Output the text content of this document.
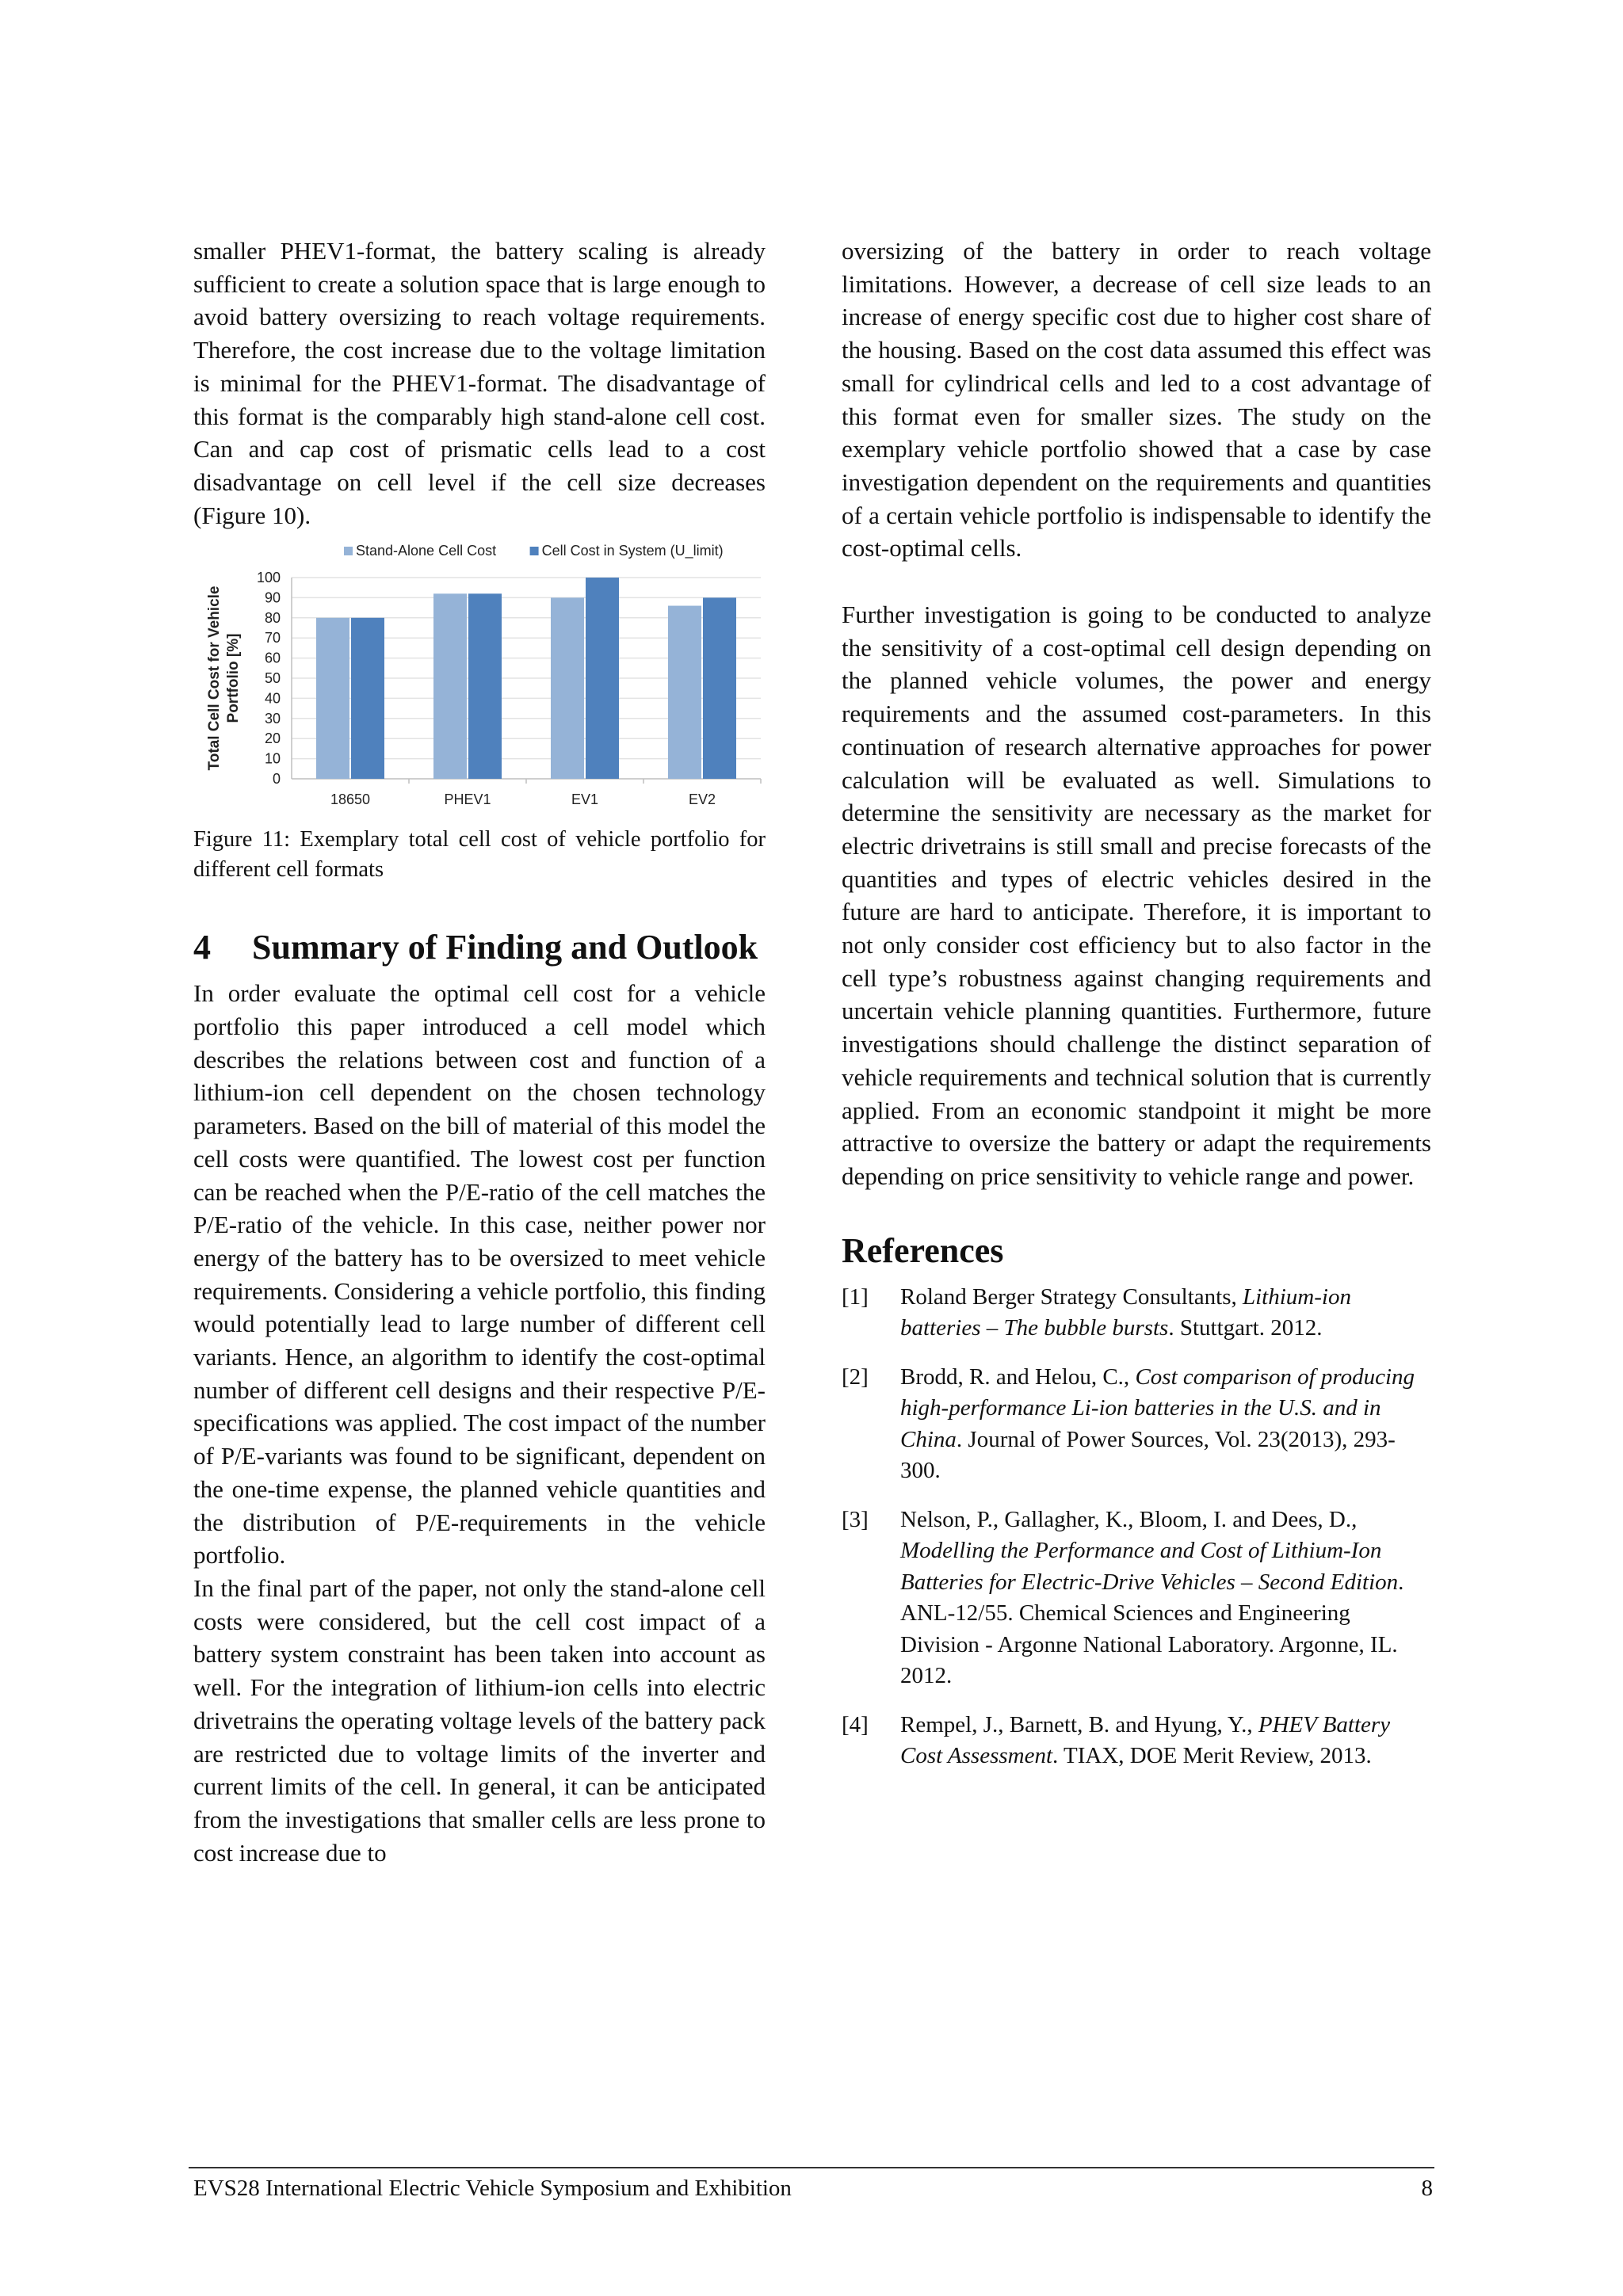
smaller PHEV1-format, the battery scaling is already sufficient to create a solution space that is large enough to avoid battery oversizing to reach voltage requirements. Therefore, the cost increase due to the voltage limitation is minimal for the PHEV1-format. The disadvantage of this format is the comparably high stand-alone cell cost. Can and cap cost of prismatic cells lead to a cost disadvantage on cell level if the cell size decreases (Figure 10).

0
10
20
30
40
50
60
70
80
90
100
18650	PHEV1	EV1	EV2
Stand-Alone Cell Cost	Cell Cost in System (U_limit)
Total Cell Cost for Vehicle Portfolio [%]

Figure 11: Exemplary total cell cost of vehicle portfolio for different cell formats

4	Summary of Finding and Outlook

In order evaluate the optimal cell cost for a vehicle portfolio this paper introduced a cell model which describes the relations between cost and function of a lithium-ion cell dependent on the chosen technology parameters. Based on the bill of material of this model the cell costs were quantified. The lowest cost per function can be reached when the P/E-ratio of the cell matches the P/E-ratio of the vehicle. In this case, neither power nor energy of the battery has to be oversized to meet vehicle requirements. Considering a vehicle portfolio, this finding would potentially lead to large number of different cell variants. Hence, an algorithm to identify the cost-optimal number of different cell designs and their respective P/E-specifications was applied. The cost impact of the number of P/E-variants was found to be significant, dependent on the one-time expense, the planned vehicle quantities and the distribution of P/E-requirements in the vehicle portfolio.

In the final part of the paper, not only the stand-alone cell costs were considered, but the cell cost impact of a battery system constraint has been taken into account as well. For the integration of lithium-ion cells into electric drivetrains the operating voltage levels of the battery pack are restricted due to voltage limits of the inverter and current limits of the cell. In general, it can be anticipated from the investigations that smaller cells are less prone to cost increase due to

oversizing of the battery in order to reach voltage limitations. However, a decrease of cell size leads to an increase of energy specific cost due to higher cost share of the housing. Based on the cost data assumed this effect was small for cylindrical cells and led to a cost advantage of this format even for smaller sizes. The study on the exemplary vehicle portfolio showed that a case by case investigation dependent on the requirements and quantities of a certain vehicle portfolio is indispensable to identify the cost-optimal cells.

Further investigation is going to be conducted to analyze the sensitivity of a cost-optimal cell design depending on the planned vehicle volumes, the power and energy requirements and the assumed cost-parameters. In this continuation of research alternative approaches for power calculation will be evaluated as well. Simulations to determine the sensitivity are necessary as the market for electric drivetrains is still small and precise forecasts of the quantities and types of electric vehicles desired in the future are hard to anticipate. Therefore, it is important to not only consider cost efficiency but to also factor in the cell type’s robustness against changing requirements and uncertain vehicle planning quantities. Furthermore, future investigations should challenge the distinct separation of vehicle requirements and technical solution that is currently applied. From an economic standpoint it might be more attractive to oversize the battery or adapt the requirements depending on price sensitivity to vehicle range and power.

References
[1]	Roland Berger Strategy Consultants, Lithium-ion batteries – The bubble bursts. Stuttgart. 2012.
[2]	Brodd, R. and Helou, C., Cost comparison of producing high-performance Li-ion batteries in the U.S. and in China. Journal of Power Sources, Vol. 23(2013), 293-300.
[3]	Nelson, P., Gallagher, K., Bloom, I. and Dees, D., Modelling the Performance and Cost of Lithium-Ion Batteries for Electric-Drive Vehicles – Second Edition. ANL-12/55. Chemical Sciences and Engineering Division - Argonne National Laboratory. Argonne, IL. 2012.
[4]	Rempel, J., Barnett, B. and Hyung, Y., PHEV Battery Cost Assessment. TIAX, DOE Merit Review, 2013.
EVS28 International Electric Vehicle Symposium and Exhibition	8
